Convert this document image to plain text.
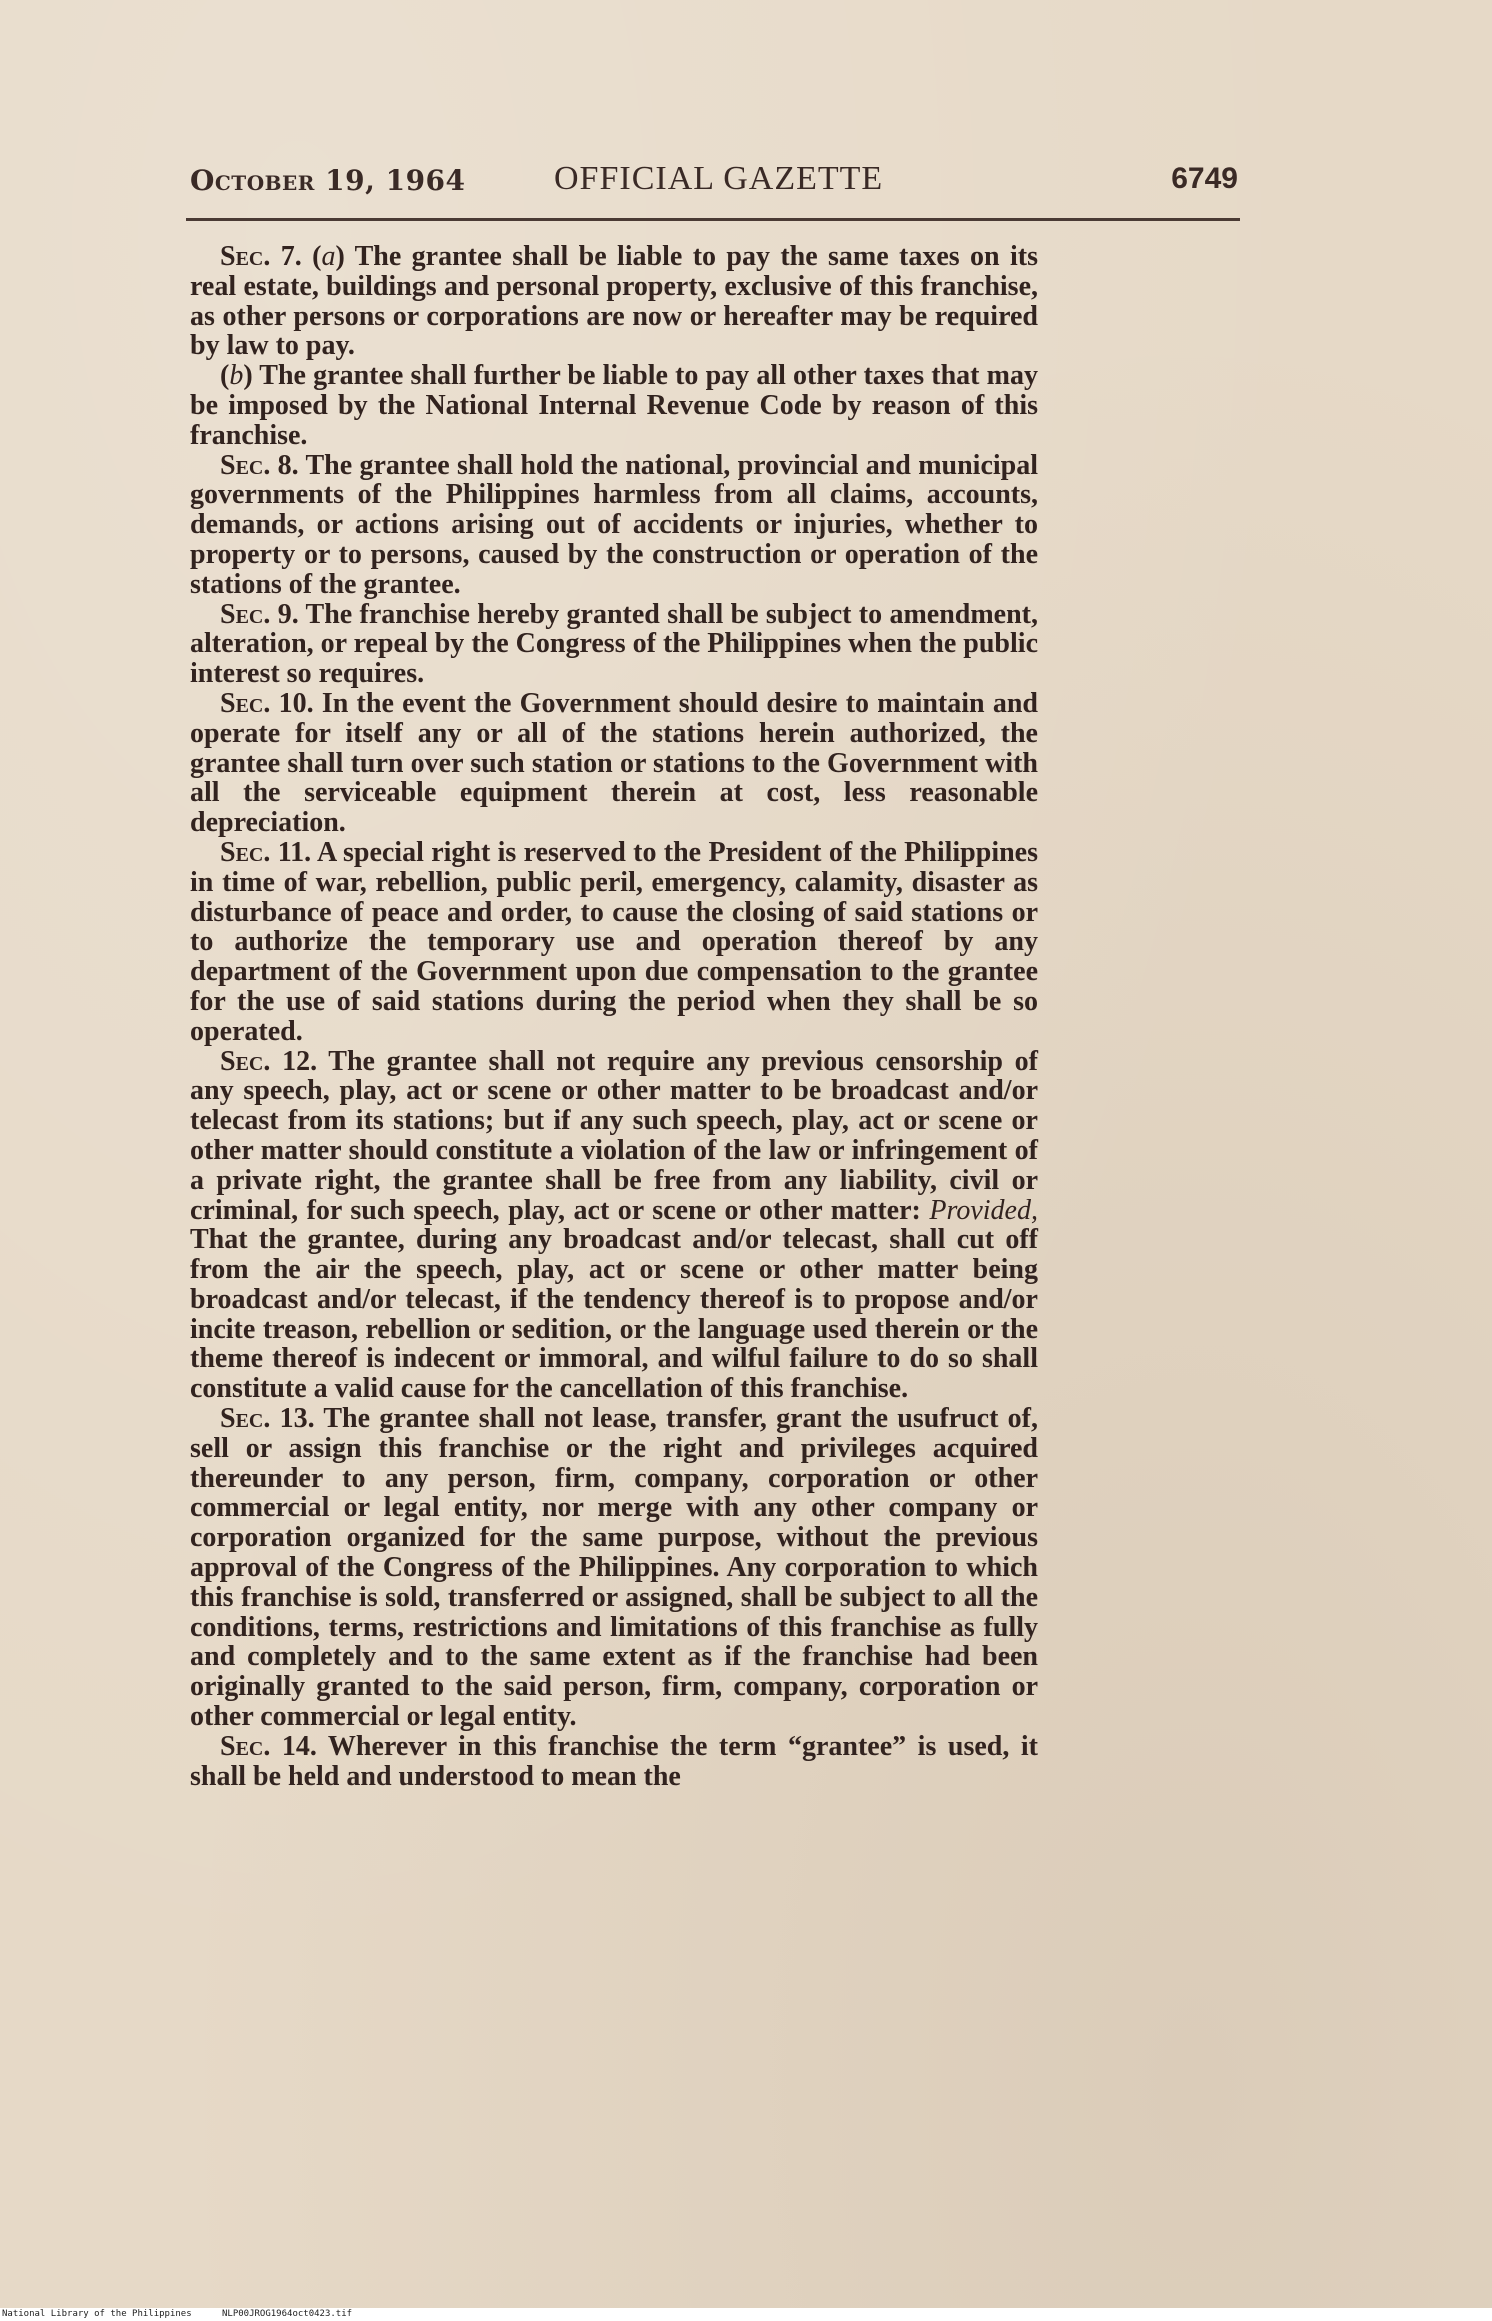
October 19, 1964	OFFICIAL GAZETTE	6749

Sec. 7. (a) The grantee shall be liable to pay the same taxes on its real estate, buildings and personal property, exclusive of this franchise, as other persons or corporations are now or hereafter may be required by law to pay.

(b) The grantee shall further be liable to pay all other taxes that may be imposed by the National Internal Revenue Code by reason of this franchise.

Sec. 8. The grantee shall hold the national, provincial and municipal governments of the Philippines harmless from all claims, accounts, demands, or actions arising out of accidents or injuries, whether to property or to persons, caused by the construction or operation of the stations of the grantee.

Sec. 9. The franchise hereby granted shall be subject to amendment, alteration, or repeal by the Congress of the Philippines when the public interest so requires.

Sec. 10. In the event the Government should desire to maintain and operate for itself any or all of the stations herein authorized, the grantee shall turn over such station or stations to the Government with all the serviceable equipment therein at cost, less reasonable depreciation.

Sec. 11. A special right is reserved to the President of the Philippines in time of war, rebellion, public peril, emergency, calamity, disaster as disturbance of peace and order, to cause the closing of said stations or to authorize the temporary use and operation thereof by any department of the Government upon due compensation to the grantee for the use of said stations during the period when they shall be so operated.

Sec. 12. The grantee shall not require any previous censorship of any speech, play, act or scene or other matter to be broadcast and/or telecast from its stations; but if any such speech, play, act or scene or other matter should constitute a violation of the law or infringement of a private right, the grantee shall be free from any liability, civil or criminal, for such speech, play, act or scene or other matter: Provided, That the grantee, during any broadcast and/or telecast, shall cut off from the air the speech, play, act or scene or other matter being broadcast and/or telecast, if the tendency thereof is to propose and/or incite treason, rebellion or sedition, or the language used therein or the theme thereof is indecent or immoral, and wilful failure to do so shall constitute a valid cause for the cancellation of this franchise.

Sec. 13. The grantee shall not lease, transfer, grant the usufruct of, sell or assign this franchise or the right and privileges acquired thereunder to any person, firm, company, corporation or other commercial or legal entity, nor merge with any other company or corporation organized for the same purpose, without the previous approval of the Congress of the Philippines. Any corporation to which this franchise is sold, transferred or assigned, shall be subject to all the conditions, terms, restrictions and limitations of this franchise as fully and completely and to the same extent as if the franchise had been originally granted to the said person, firm, company, corporation or other commercial or legal entity.

Sec. 14. Wherever in this franchise the term “grantee” is used, it shall be held and understood to mean the

National Library of the Philippines	NLP00JROG1964oct0423.tif
